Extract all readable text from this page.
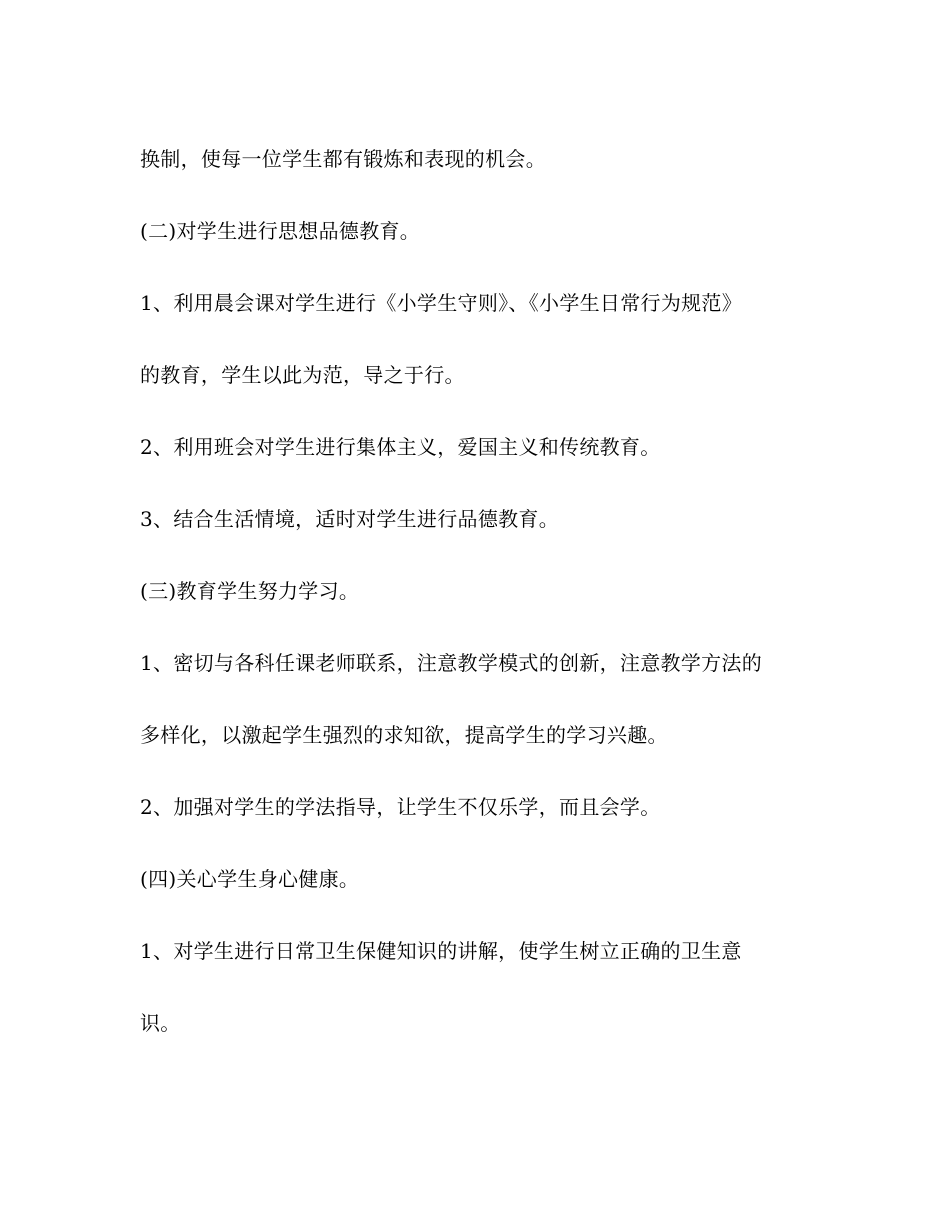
换制，使每一位学生都有锻炼和表现的机会。

(二)对学生进行思想品德教育。

1、利用晨会课对学生进行《小学生守则》、《小学生日常行为规范》

的教育，学生以此为范，导之于行。

2、利用班会对学生进行集体主义，爱国主义和传统教育。

3、结合生活情境，适时对学生进行品德教育。

(三)教育学生努力学习。

1、密切与各科任课老师联系，注意教学模式的创新，注意教学方法的

多样化，以激起学生强烈的求知欲，提高学生的学习兴趣。

2、加强对学生的学法指导，让学生不仅乐学，而且会学。

(四)关心学生身心健康。

1、对学生进行日常卫生保健知识的讲解，使学生树立正确的卫生意

识。
